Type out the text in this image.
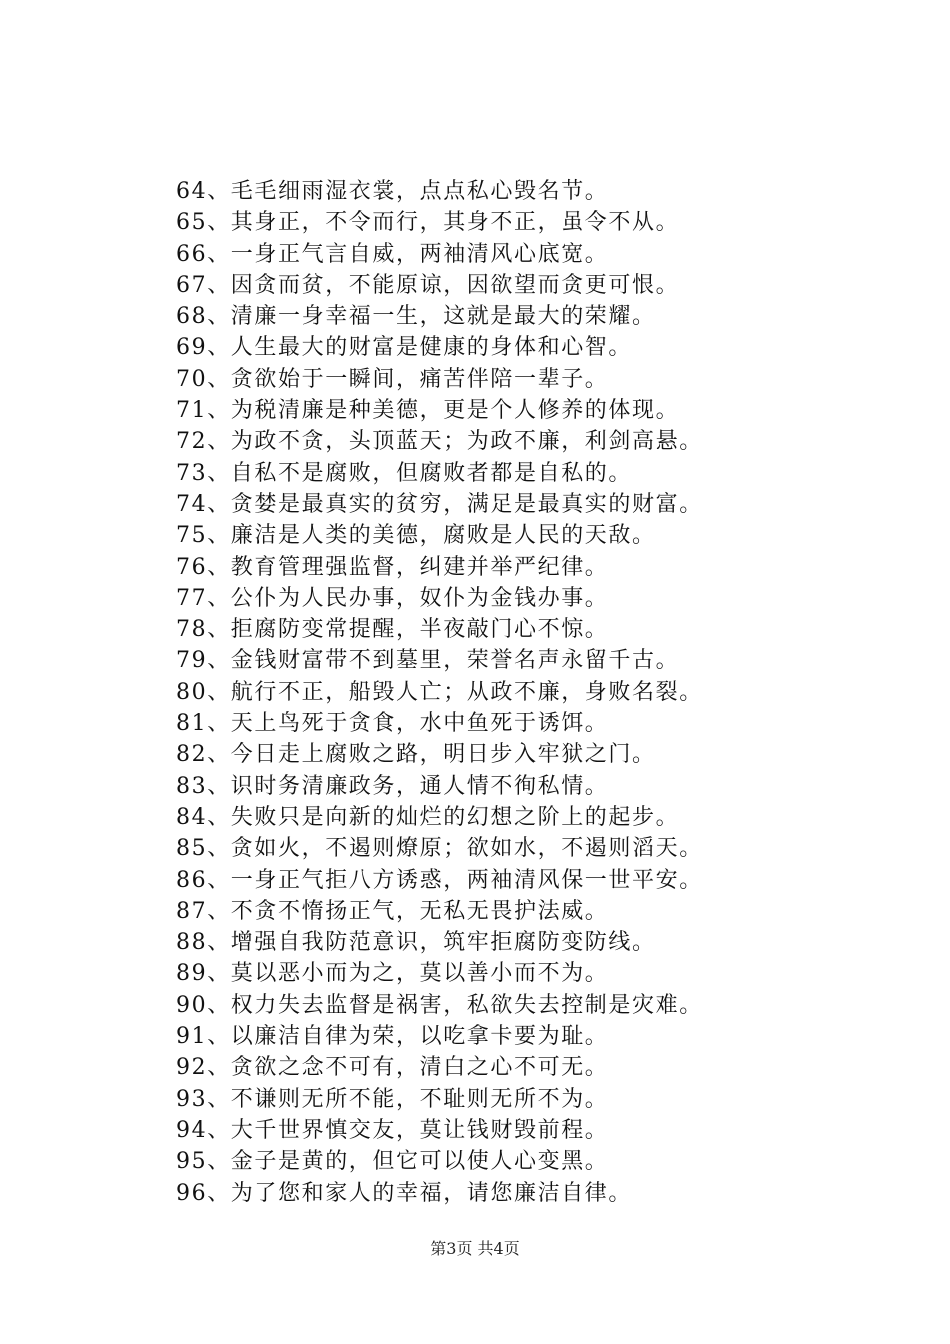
64、毛毛细雨湿衣裳，点点私心毁名节。
65、其身正，不令而行，其身不正，虽令不从。
66、一身正气言自威，两袖清风心底宽。
67、因贪而贫，不能原谅，因欲望而贪更可恨。
68、清廉一身幸福一生，这就是最大的荣耀。
69、人生最大的财富是健康的身体和心智。
70、贪欲始于一瞬间，痛苦伴陪一辈子。
71、为税清廉是种美德，更是个人修养的体现。
72、为政不贪，头顶蓝天；为政不廉，利剑高悬。
73、自私不是腐败，但腐败者都是自私的。
74、贪婪是最真实的贫穷，满足是最真实的财富。
75、廉洁是人类的美德，腐败是人民的天敌。
76、教育管理强监督，纠建并举严纪律。
77、公仆为人民办事，奴仆为金钱办事。
78、拒腐防变常提醒，半夜敲门心不惊。
79、金钱财富带不到墓里，荣誉名声永留千古。
80、航行不正，船毁人亡；从政不廉，身败名裂。
81、天上鸟死于贪食，水中鱼死于诱饵。
82、今日走上腐败之路，明日步入牢狱之门。
83、识时务清廉政务，通人情不徇私情。
84、失败只是向新的灿烂的幻想之阶上的起步。
85、贪如火，不遏则燎原；欲如水，不遏则滔天。
86、一身正气拒八方诱惑，两袖清风保一世平安。
87、不贪不惰扬正气，无私无畏护法威。
88、增强自我防范意识，筑牢拒腐防变防线。
89、莫以恶小而为之，莫以善小而不为。
90、权力失去监督是祸害，私欲失去控制是灾难。
91、以廉洁自律为荣，以吃拿卡要为耻。
92、贪欲之念不可有，清白之心不可无。
93、不谦则无所不能，不耻则无所不为。
94、大千世界慎交友，莫让钱财毁前程。
95、金子是黄的，但它可以使人心变黑。
96、为了您和家人的幸福，请您廉洁自律。
第3页 共4页
